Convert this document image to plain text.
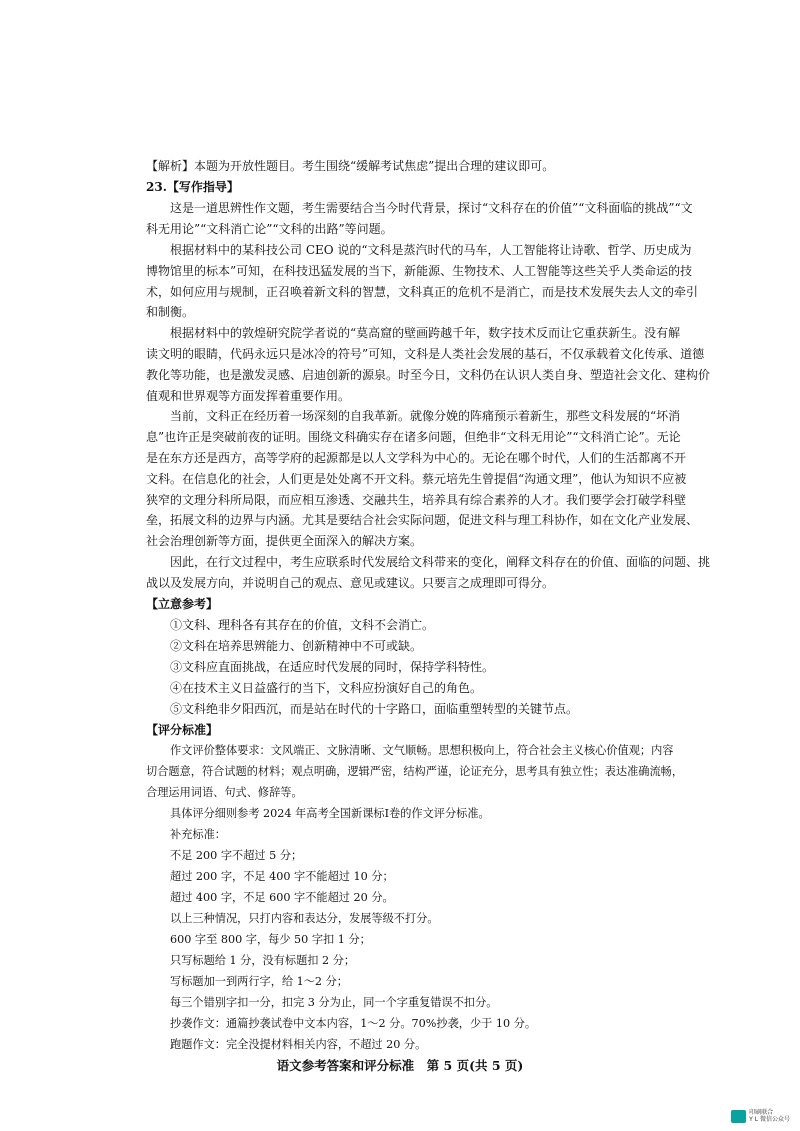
【解析】本题为开放性题目。考生围绕“缓解考试焦虑”提出合理的建议即可。
23.【写作指导】
这是一道思辨性作文题，考生需要结合当今时代背景，探讨“文科存在的价值”“文科面临的挑战”“文
科无用论”“文科消亡论”“文科的出路”等问题。
根据材料中的某科技公司 CEO 说的“文科是蒸汽时代的马车，人工智能将让诗歌、哲学、历史成为
博物馆里的标本”可知，在科技迅猛发展的当下，新能源、生物技术、人工智能等这些关乎人类命运的技
术，如何应用与规制，正召唤着新文科的智慧，文科真正的危机不是消亡，而是技术发展失去人文的牵引
和制衡。
根据材料中的敦煌研究院学者说的“莫高窟的壁画跨越千年，数字技术反而让它重获新生。没有解
读文明的眼睛，代码永远只是冰冷的符号”可知，文科是人类社会发展的基石，不仅承载着文化传承、道德
教化等功能，也是激发灵感、启迪创新的源泉。时至今日，文科仍在认识人类自身、塑造社会文化、建构价
值观和世界观等方面发挥着重要作用。
当前，文科正在经历着一场深刻的自我革新。就像分娩的阵痛预示着新生，那些文科发展的“坏消
息”也许正是突破前夜的证明。围绕文科确实存在诸多问题，但绝非“文科无用论”“文科消亡论”。无论
是在东方还是西方，高等学府的起源都是以人文学科为中心的。无论在哪个时代，人们的生活都离不开
文科。在信息化的社会，人们更是处处离不开文科。蔡元培先生曾提倡“沟通文理”，他认为知识不应被
狭窄的文理分科所局限，而应相互渗透、交融共生，培养具有综合素养的人才。我们要学会打破学科壁
垒，拓展文科的边界与内涵。尤其是要结合社会实际问题，促进文科与理工科协作，如在文化产业发展、
社会治理创新等方面，提供更全面深入的解决方案。
因此，在行文过程中，考生应联系时代发展给文科带来的变化，阐释文科存在的价值、面临的问题、挑
战以及发展方向，并说明自己的观点、意见或建议。只要言之成理即可得分。
【立意参考】
①文科、理科各有其存在的价值，文科不会消亡。
②文科在培养思辨能力、创新精神中不可或缺。
③文科应直面挑战，在适应时代发展的同时，保持学科特性。
④在技术主义日益盛行的当下，文科应扮演好自己的角色。
⑤文科绝非夕阳西沉，而是站在时代的十字路口，面临重塑转型的关键节点。
【评分标准】
作文评价整体要求：文风端正、文脉清晰、文气顺畅。思想积极向上，符合社会主义核心价值观；内容
切合题意，符合试题的材料；观点明确，逻辑严密，结构严谨，论证充分，思考具有独立性；表达准确流畅，
合理运用词语、句式、修辞等。
具体评分细则参考 2024 年高考全国新课标Ⅰ卷的作文评分标准。
补充标准：
不足 200 字不超过 5 分；
超过 200 字，不足 400 字不能超过 10 分；
超过 400 字，不足 600 字不能超过 20 分。
以上三种情况，只打内容和表达分，发展等级不打分。
600 字至 800 字，每少 50 字扣 1 分；
只写标题给 1 分，没有标题扣 2 分；
写标题加一到两行字，给 1～2 分；
每三个错别字扣一分，扣完 3 分为止，同一个字重复错误不扣分。
抄袭作文：通篇抄袭试卷中文本内容，1～2 分。70%抄袭，少于 10 分。
跑题作文：完全没提材料相关内容，不超过 20 分。
语文参考答案和评分标准　第 5 页(共 5 页)
印刷联合
Y L 微信公众号
